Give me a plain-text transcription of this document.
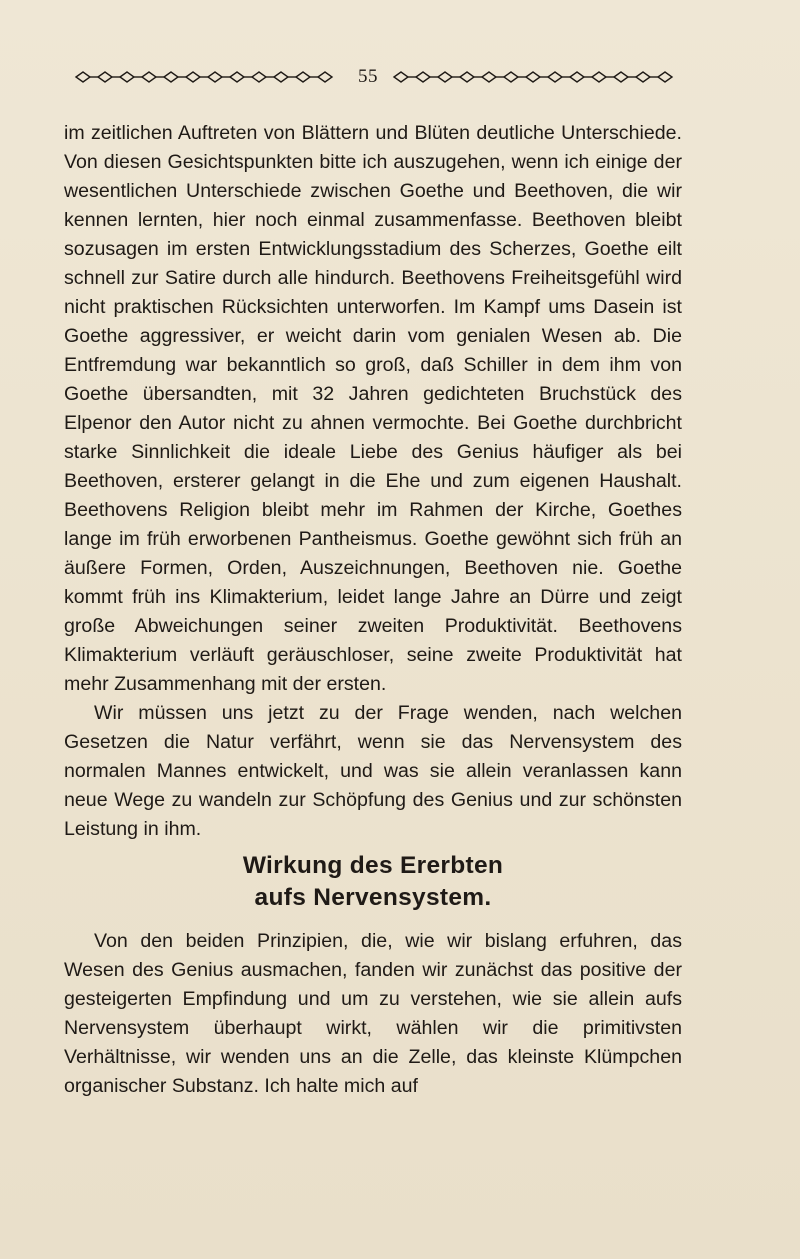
55

im zeitlichen Auftreten von Blättern und Blüten deutliche Unterschiede. Von diesen Gesichtspunkten bitte ich auszugehen, wenn ich einige der wesentlichen Unterschiede zwischen Goethe und Beethoven, die wir kennen lernten, hier noch einmal zusammenfasse. Beethoven bleibt sozusagen im ersten Entwicklungsstadium des Scherzes, Goethe eilt schnell zur Satire durch alle hindurch. Beethovens Freiheitsgefühl wird nicht praktischen Rücksichten unterworfen. Im Kampf ums Dasein ist Goethe aggressiver, er weicht darin vom genialen Wesen ab. Die Entfremdung war bekanntlich so groß, daß Schiller in dem ihm von Goethe übersandten, mit 32 Jahren gedichteten Bruchstück des Elpenor den Autor nicht zu ahnen vermochte. Bei Goethe durchbricht starke Sinnlichkeit die ideale Liebe des Genius häufiger als bei Beethoven, ersterer gelangt in die Ehe und zum eigenen Haushalt. Beethovens Religion bleibt mehr im Rahmen der Kirche, Goethes lange im früh erworbenen Pantheismus. Goethe gewöhnt sich früh an äußere Formen, Orden, Auszeichnungen, Beethoven nie. Goethe kommt früh ins Klimakterium, leidet lange Jahre an Dürre und zeigt große Abweichungen seiner zweiten Produktivität. Beethovens Klimakterium verläuft geräuschloser, seine zweite Produktivität hat mehr Zusammenhang mit der ersten.

Wir müssen uns jetzt zu der Frage wenden, nach welchen Gesetzen die Natur verfährt, wenn sie das Nervensystem des normalen Mannes entwickelt, und was sie allein veranlassen kann neue Wege zu wandeln zur Schöpfung des Genius und zur schönsten Leistung in ihm.

Wirkung des Ererbten
aufs Nervensystem.

Von den beiden Prinzipien, die, wie wir bislang erfuhren, das Wesen des Genius ausmachen, fanden wir zunächst das positive der gesteigerten Empfindung und um zu verstehen, wie sie allein aufs Nervensystem überhaupt wirkt, wählen wir die primitivsten Verhältnisse, wir wenden uns an die Zelle, das kleinste Klümpchen organischer Substanz. Ich halte mich auf
